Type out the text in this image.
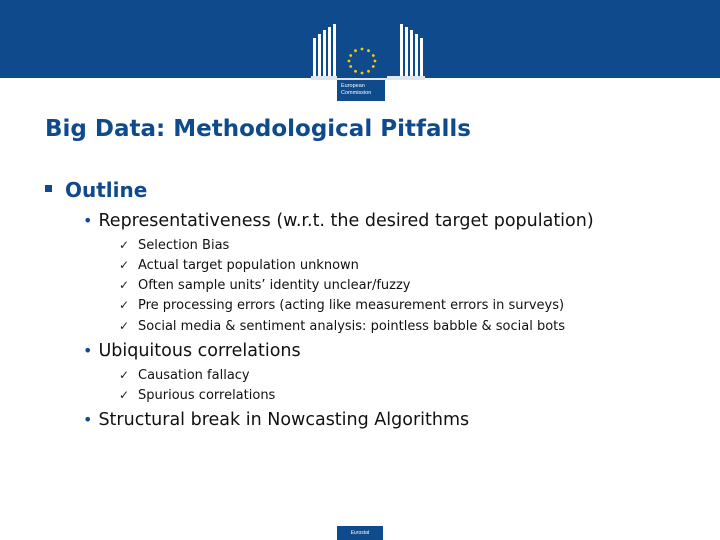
European
Commission
Big Data: Methodological Pitfalls
Outline
• Representativeness (w.r.t. the desired target population)
✓ Selection Bias
✓ Actual target population unknown
✓ Often sample units’ identity unclear/fuzzy
✓ Pre processing errors (acting like measurement errors in surveys)
✓ Social media & sentiment analysis: pointless babble & social bots
• Ubiquitous correlations
✓ Causation fallacy
✓ Spurious correlations
• Structural break in Nowcasting Algorithms
Eurostat
